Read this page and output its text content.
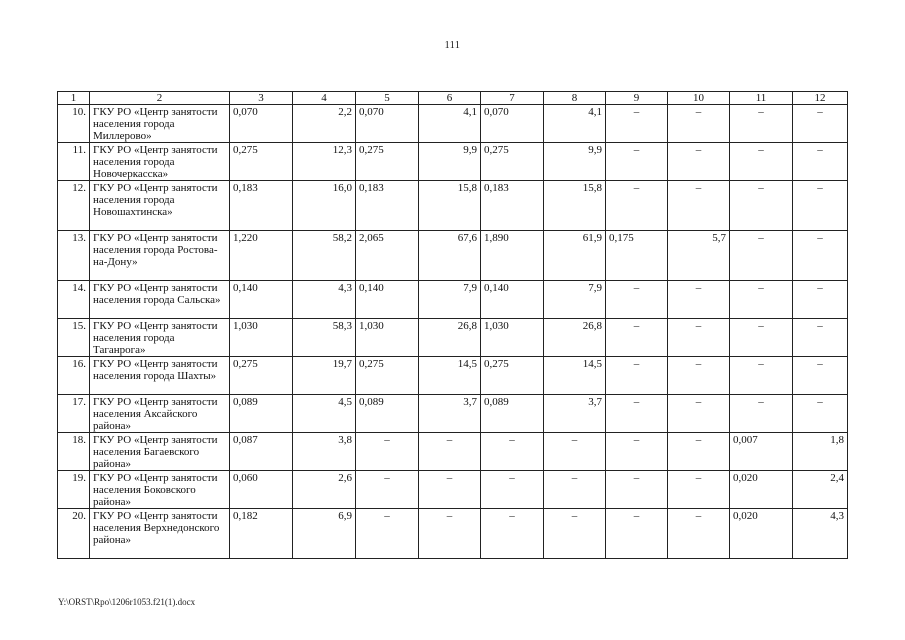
111
1	2	3	4	5	6	7	8	9	10	11	12
10.	ГКУ РО «Центр занятости населения города Миллерово»	0,070	2,2	0,070	4,1	0,070	4,1	–	–	–	–
11.	ГКУ РО «Центр занятости населения города Новочеркасска»	0,275	12,3	0,275	9,9	0,275	9,9	–	–	–	–
12.	ГКУ РО «Центр занятости населения города Новошахтинска»	0,183	16,0	0,183	15,8	0,183	15,8	–	–	–	–
13.	ГКУ РО «Центр занятости населения города Ростова-на-Дону»	1,220	58,2	2,065	67,6	1,890	61,9	0,175	5,7	–	–
14.	ГКУ РО «Центр занятости населения города Сальска»	0,140	4,3	0,140	7,9	0,140	7,9	–	–	–	–
15.	ГКУ РО «Центр занятости населения города Таганрога»	1,030	58,3	1,030	26,8	1,030	26,8	–	–	–	–
16.	ГКУ РО «Центр занятости населения города Шахты»	0,275	19,7	0,275	14,5	0,275	14,5	–	–	–	–
17.	ГКУ РО «Центр занятости населения Аксайского района»	0,089	4,5	0,089	3,7	0,089	3,7	–	–	–	–
18.	ГКУ РО «Центр занятости населения Багаевского района»	0,087	3,8	–	–	–	–	–	–	0,007	1,8
19.	ГКУ РО «Центр занятости населения Боковского района»	0,060	2,6	–	–	–	–	–	–	0,020	2,4
20.	ГКУ РО «Центр занятости населения Верхнедонского района»	0,182	6,9	–	–	–	–	–	–	0,020	4,3
Y:\ORST\Rpo\1206r1053.f21(1).docx
